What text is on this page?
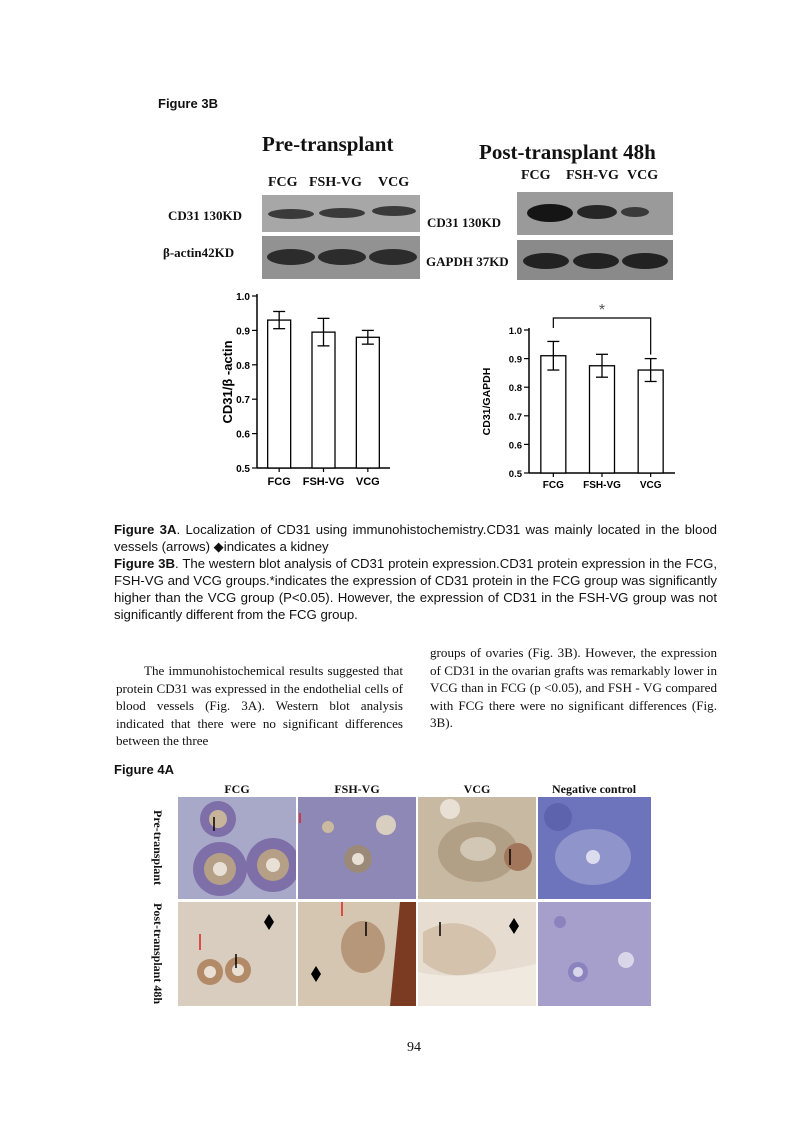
Figure 3B
Pre-transplant
FCG FSH-VG VCG
CD31 130KD
β-actin42KD
Post-transplant 48h
FCG FSH-VG VCG
CD31 130KD
GAPDH 37KD
0.5
0.6
0.7
0.8
0.9
1.0
FCG FSH-VG VCG
CD31/β -actin
0.5
0.6
0.7
0.8
0.9
1.0
FCG FSH-VG VCG
CD31/GAPDH
*
Figure 3A. Localization of CD31 using immunohistochemistry.CD31 was mainly located in the blood vessels (arrows) ◆indicates a kidney
Figure 3B. The western blot analysis of CD31 protein expression.CD31 protein expression in the FCG, FSH-VG and VCG groups.*indicates the expression of CD31 protein in the FCG group was significantly higher than the VCG group (P<0.05). However, the expression of CD31 in the FSH-VG group was not significantly different from the FCG group.
The immunohistochemical results suggested that protein CD31 was expressed in the endothelial cells of blood vessels (Fig. 3A). Western blot analysis indicated that there were no significant differences between the three
groups of ovaries (Fig. 3B). However, the expression of CD31 in the ovarian grafts was remarkably lower in VCG than in FCG (p <0.05), and FSH - VG compared with FCG there were no significant differences (Fig. 3B).
Figure 4A
FCG	FSH-VG	VCG	Negative control
Pre-transplant
Post-transplant 48h
94
